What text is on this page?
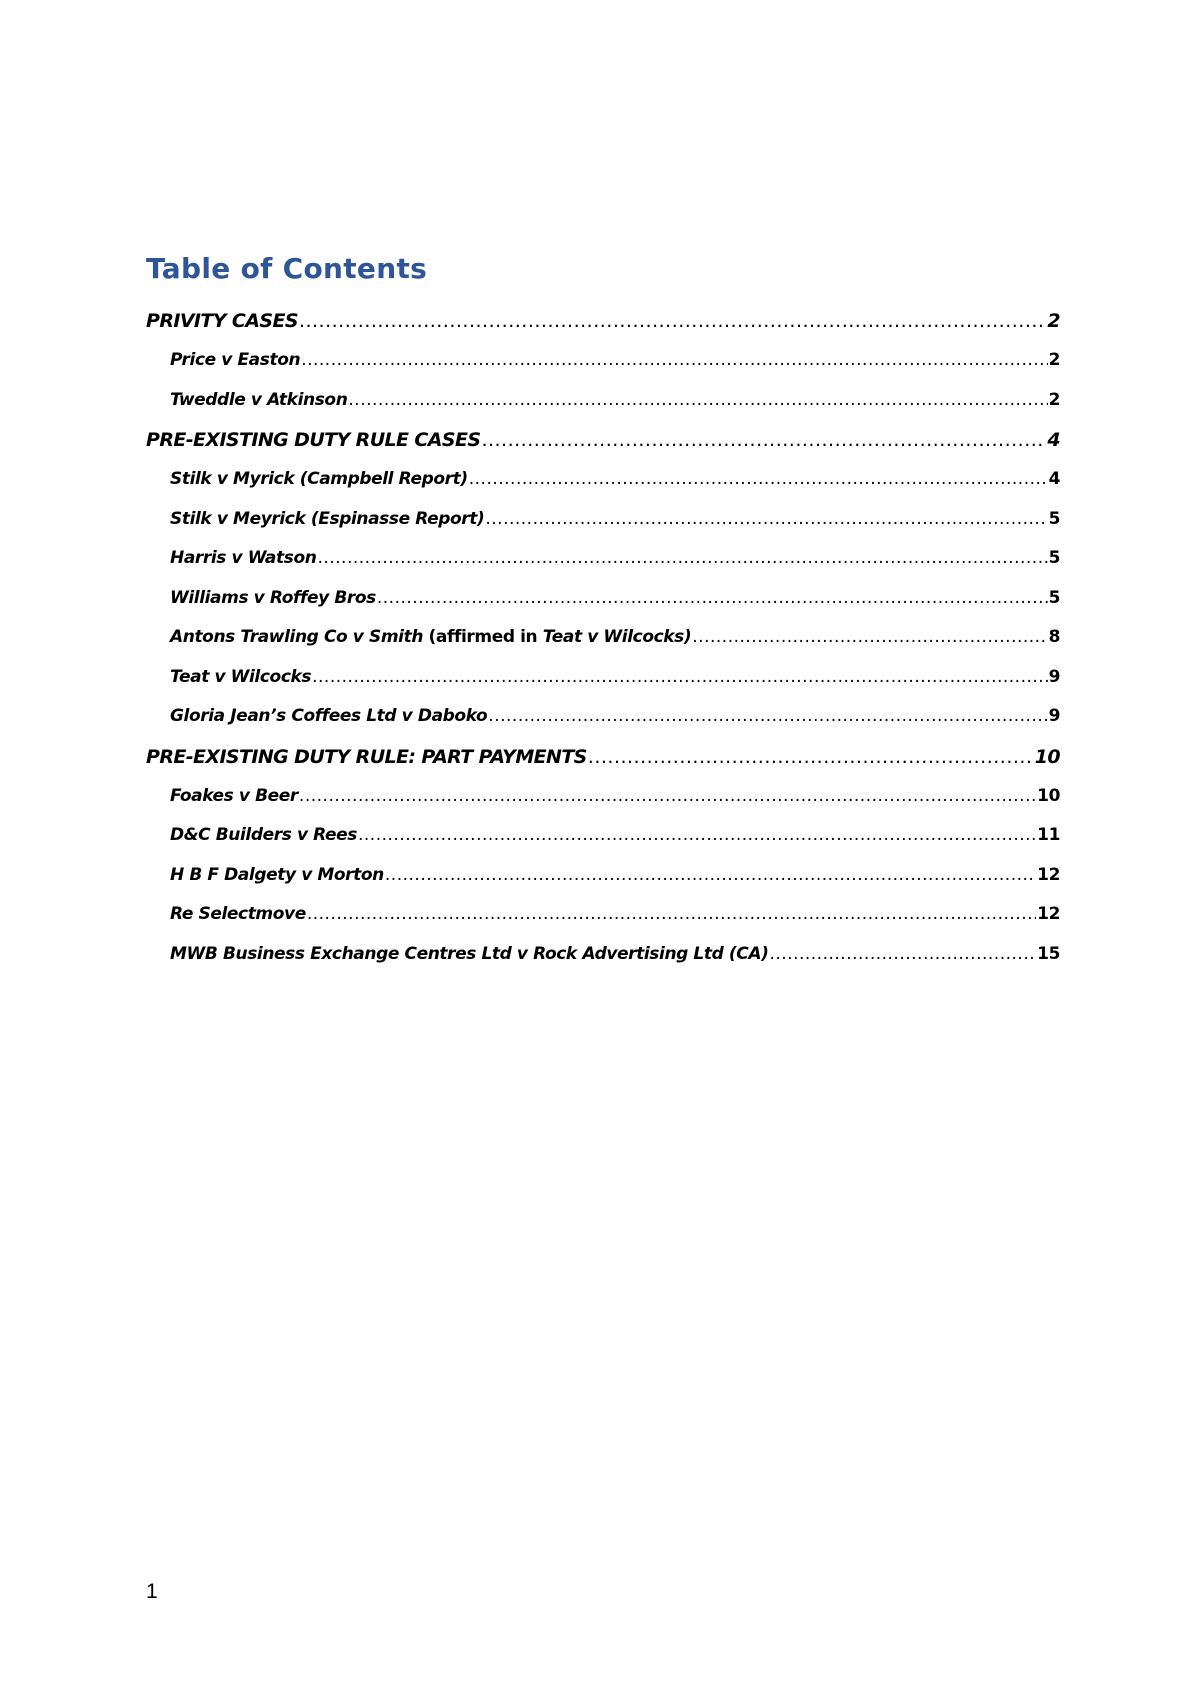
Table of Contents
PRIVITY CASES .....	2
Price v Easton .....	2
Tweddle v Atkinson .....	2
PRE-EXISTING DUTY RULE CASES .....	4
Stilk v Myrick (Campbell Report) .....	4
Stilk v Meyrick (Espinasse Report) .....	5
Harris v Watson .....	5
Williams v Roffey Bros .....	5
Antons Trawling Co v Smith (affirmed in Teat v Wilcocks) .....	8
Teat v Wilcocks .....	9
Gloria Jean’s Coffees Ltd v Daboko .....	9
PRE-EXISTING DUTY RULE: PART PAYMENTS .....	10
Foakes v Beer .....	10
D&C Builders v Rees .....	11
H B F Dalgety v Morton .....	12
Re Selectmove .....	12
MWB Business Exchange Centres Ltd v Rock Advertising Ltd (CA) .....	15
1
